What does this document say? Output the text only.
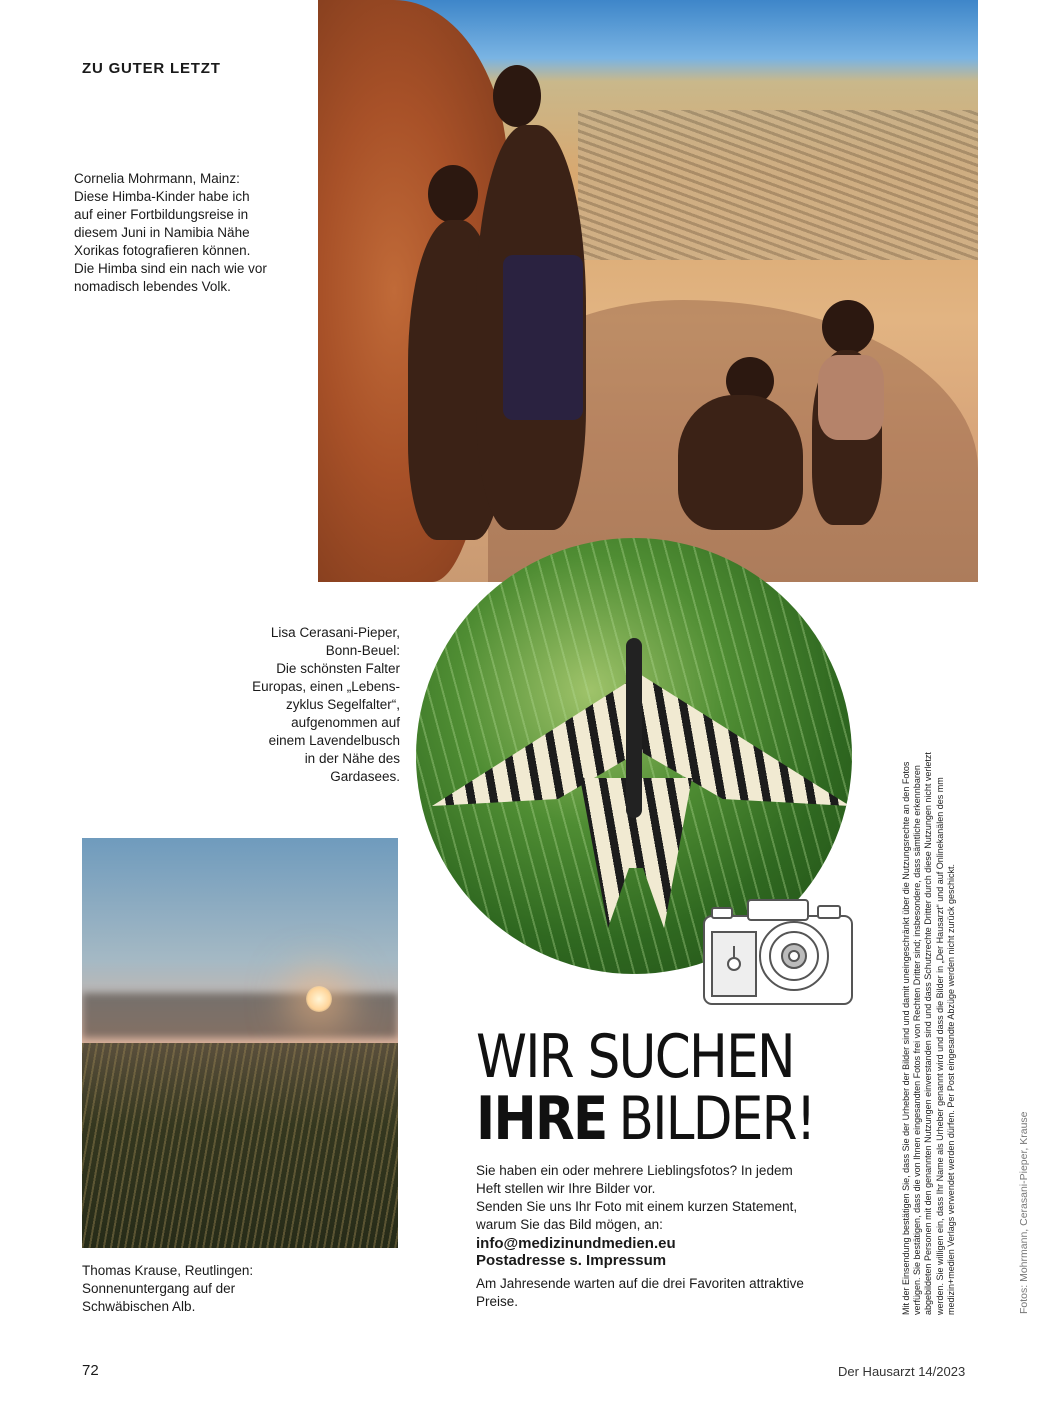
ZU GUTER LETZT
Cornelia Mohrmann, Mainz:
Diese Himba-Kinder habe ich
auf einer Fortbildungsreise in
diesem Juni in Namibia Nähe
Xorikas fotografieren können.
Die Himba sind ein nach wie vor
nomadisch lebendes Volk.
Lisa Cerasani-Pieper,
Bonn-Beuel:
Die schönsten Falter
Europas, einen „Lebens-
zyklus Segelfalter“,
aufgenommen auf
einem Lavendelbusch
in der Nähe des
Gardasees.
Thomas Krause, Reutlingen:
Sonnenuntergang auf der
Schwäbischen Alb.
WIR SUCHEN
IHRE BILDER!
Sie haben ein oder mehrere Lieblingsfotos? In jedem
Heft stellen wir Ihre Bilder vor.
Senden Sie uns Ihr Foto mit einem kurzen Statement,
warum Sie das Bild mögen, an:
info@medizinundmedien.eu
Postadresse s. Impressum
Am Jahresende warten auf die drei Favoriten attraktive
Preise.	Mit der Einsendung bestätigen Sie, dass Sie der Urheber der Bilder sind und damit uneingeschränkt über die Nutzungsrechte an den Fotos verfügen. Sie bestätigen, dass die von Ihnen eingesandten Fotos frei von Rechten Dritter sind; insbesondere, dass sämtliche erkennbaren abgebildeten Personen mit den genannten Nutzungen einverstanden sind und dass Schutzrechte Dritter durch diese Nutzungen nicht verletzt werden. Sie willigen ein, dass Ihr Name als Urheber genannt wird und dass die Bilder in „Der Hausarzt“ und auf Onlinekanälen des mm medizin+medien Verlags verwendet werden dürfen. Per Post eingesandte Abzüge werden nicht zurück geschickt.	Fotos: Mohrmann, Cerasani-Pieper, Krause
72	Der Hausarzt 14/2023
